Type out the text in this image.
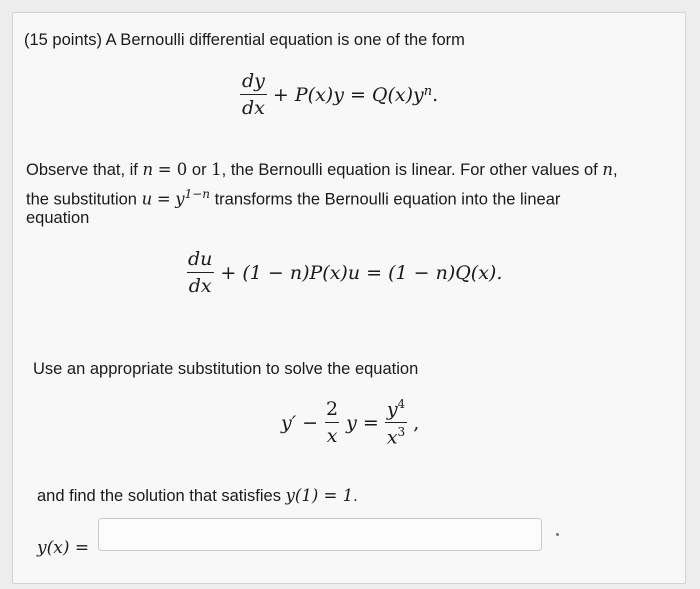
(15 points) A Bernoulli differential equation is one of the form
$\frac{dy}{dx} + P(x)y = Q(x)y^n$ .
Observe that, if n = 0 or 1, the Bernoulli equation is linear. For other values of n,
the substitution $u = y^{1-n}$ transforms the Bernoulli equation into the linear
equation
$\frac{du}{dx} + (1 - n)P(x)u = (1 - n)Q(x)$.
Use an appropriate substitution to solve the equation
$y' - \frac{2}{x}$ $y = \frac{y^4}{x^3}$ ,
and find the solution that satisfies y(1) = 1.
y(x) =
